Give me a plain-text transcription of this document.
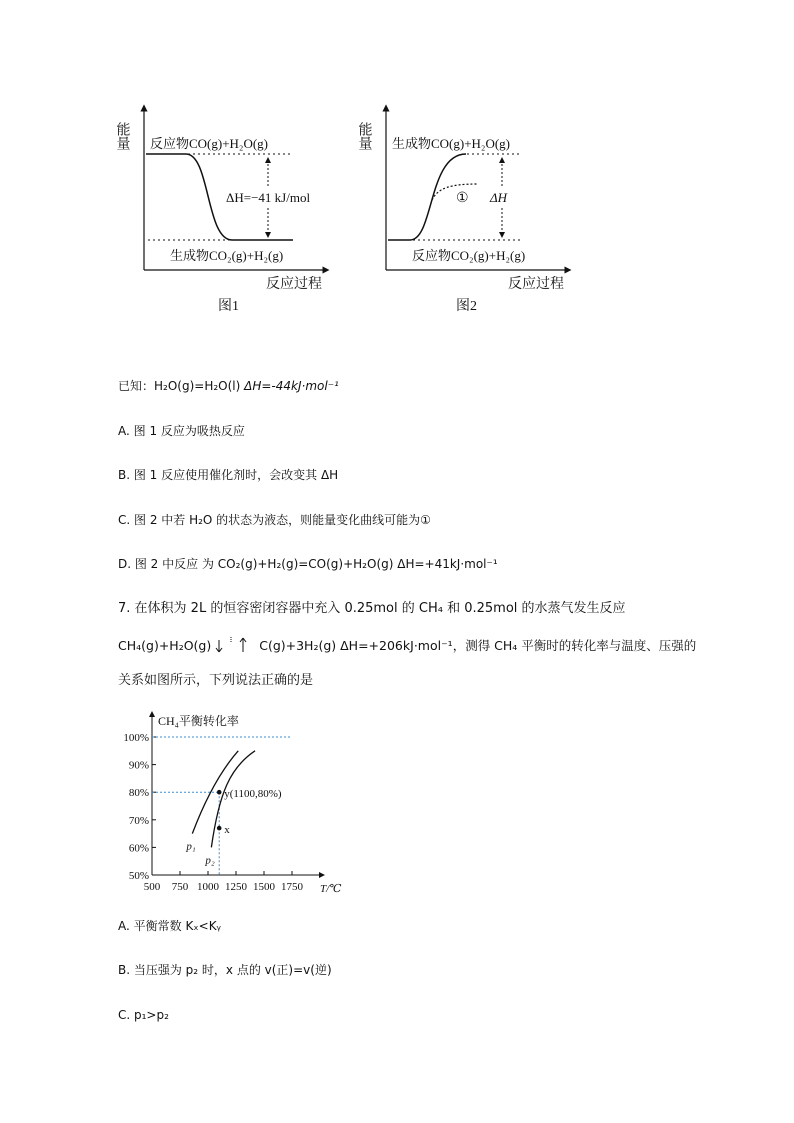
能量 反应物CO(g)+H₂O(g)
ΔH=−41 kJ/mol
生成物CO₂(g)+H₂(g)
反应过程
图1
能量 生成物CO(g)+H₂O(g)
① ΔH
反应物CO₂(g)+H₂(g)
反应过程
图2
已知：H₂O(g)=H₂O(l) ΔH=-44kJ·mol⁻¹
A. 图 1 反应为吸热反应
B. 图 1 反应使用催化剂时，会改变其 ΔH
C. 图 2 中若 H₂O 的状态为液态，则能量变化曲线可能为①
D. 图 2 中反应 为 CO₂(g)+H₂(g)=CO(g)+H₂O(g) ΔH=+41kJ·mol⁻¹
7. 在体积为 2L 的恒容密闭容器中充入 0.25mol 的 CH₄ 和 0.25mol 的水蒸气发生反应
CH₄(g)+H₂O(g)	C(g)+3H₂(g) ΔH=+206kJ·mol⁻¹，测得 CH₄ 平衡时的转化率与温度、压强的
关系如图所示，下列说法正确的是
CH₄平衡转化率
T/℃
50%
60%
70%
80%
90%
100%
500 750 1000 1250 1500 1750
p₁
p₂
y(1100,80%)
x
A. 平衡常数 Kₓ<Kᵧ
B. 当压强为 p₂ 时，x 点的 v(正)=v(逆)
C. p₁>p₂
